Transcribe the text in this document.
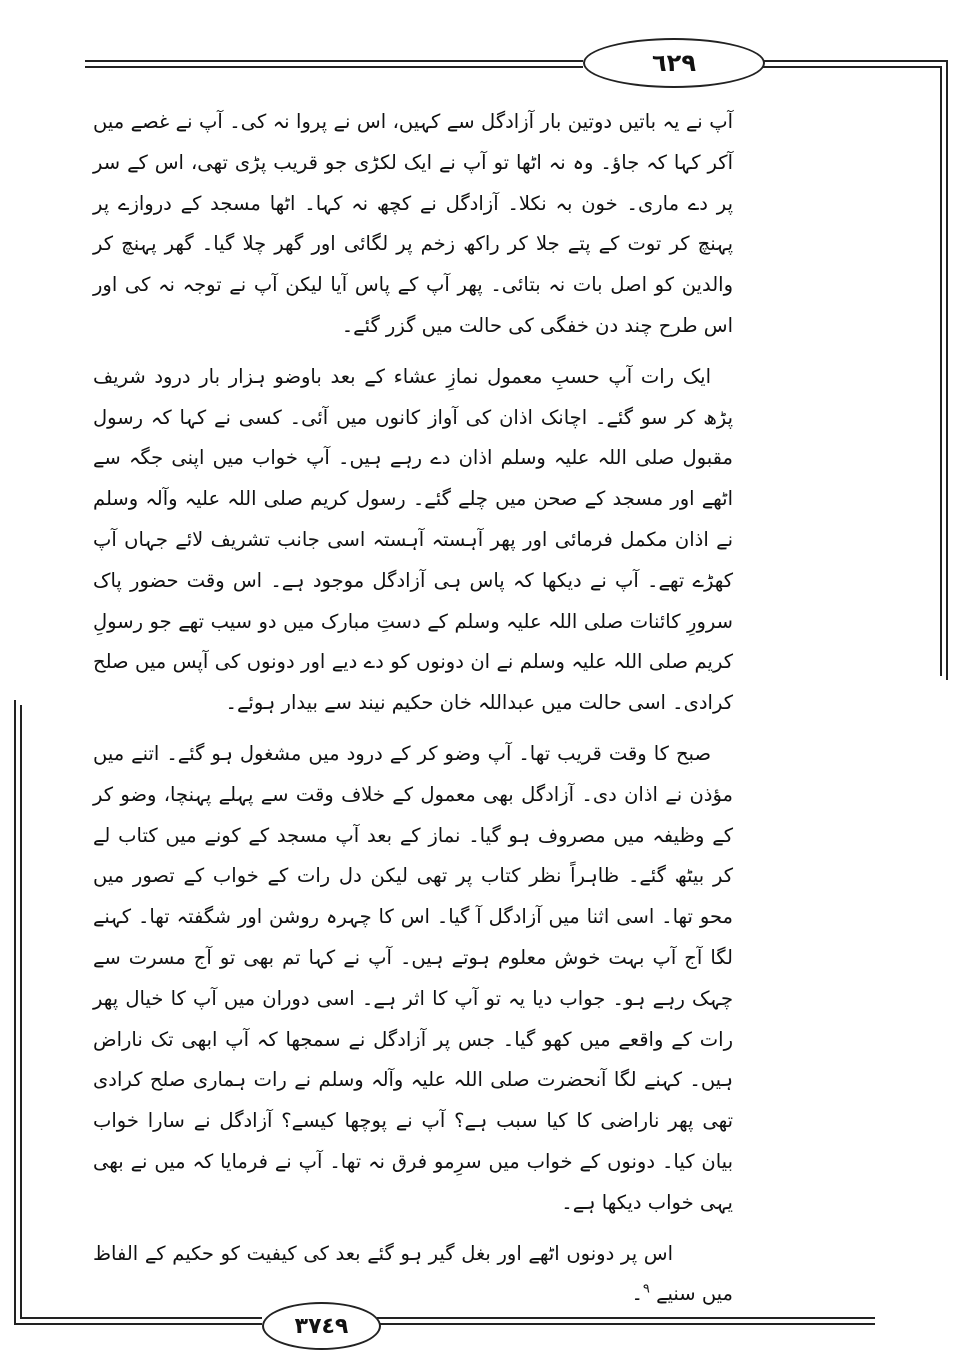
٦٢٩
٣٧٤٩

آپ نے یہ باتیں دوتین بار آزادگل سے کہیں، اس نے پروا نہ کی۔ آپ نے غصے میں آکر کہا کہ جاؤ۔ وہ نہ اٹھا تو آپ نے ایک لکڑی جو قریب پڑی تھی، اس کے سر پر دے ماری۔ خون بہ نکلا۔ آزادگل نے کچھ نہ کہا۔ اٹھا مسجد کے دروازے پر پہنچ کر توت کے پتے جلا کر راکھ زخم پر لگائی اور گھر چلا گیا۔ گھر پہنچ کر والدین کو اصل بات نہ بتائی۔ پھر آپ کے پاس آیا لیکن آپ نے توجہ نہ کی اور اس طرح چند دن خفگی کی حالت میں گزر گئے۔

ایک رات آپ حسبِ معمول نمازِ عشاء کے بعد باوضو ہزار بار درود شریف پڑھ کر سو گئے۔ اچانک اذان کی آواز کانوں میں آئی۔ کسی نے کہا کہ رسول مقبول صلی اللہ علیہ وسلم اذان دے رہے ہیں۔ آپ خواب میں اپنی جگہ سے اٹھے اور مسجد کے صحن میں چلے گئے۔ رسول کریم صلی اللہ علیہ وآلہ وسلم نے اذان مکمل فرمائی اور پھر آہستہ آہستہ اسی جانب تشریف لائے جہاں آپ کھڑے تھے۔ آپ نے دیکھا کہ پاس ہی آزادگل موجود ہے۔ اس وقت حضور پاک سرورِ کائنات صلی اللہ علیہ وسلم کے دستِ مبارک میں دو سیب تھے جو رسولِ کریم صلی اللہ علیہ وسلم نے ان دونوں کو دے دیے اور دونوں کی آپس میں صلح کرادی۔ اسی حالت میں عبداللہ خان حکیم نیند سے بیدار ہوئے۔

صبح کا وقت قریب تھا۔ آپ وضو کر کے درود میں مشغول ہو گئے۔ اتنے میں مؤذن نے اذان دی۔ آزادگل بھی معمول کے خلاف وقت سے پہلے پہنچا، وضو کر کے وظیفہ میں مصروف ہو گیا۔ نماز کے بعد آپ مسجد کے کونے میں کتاب لے کر بیٹھ گئے۔ ظاہراً نظر کتاب پر تھی لیکن دل رات کے خواب کے تصور میں محو تھا۔ اسی اثنا میں آزادگل آ گیا۔ اس کا چہرہ روشن اور شگفتہ تھا۔ کہنے لگا آج آپ بہت خوش معلوم ہوتے ہیں۔ آپ نے کہا تم بھی تو آج مسرت سے چہک رہے ہو۔ جواب دیا یہ تو آپ کا اثر ہے۔ اسی دوران میں آپ کا خیال پھر رات کے واقعے میں کھو گیا۔ جس پر آزادگل نے سمجھا کہ آپ ابھی تک ناراض ہیں۔ کہنے لگا آنحضرت صلی اللہ علیہ وآلہ وسلم نے رات ہماری صلح کرادی تھی پھر ناراضی کا کیا سبب ہے؟ آپ نے پوچھا کیسے؟ آزادگل نے سارا خواب بیان کیا۔ دونوں کے خواب میں سرِمو فرق نہ تھا۔ آپ نے فرمایا کہ میں نے بھی یہی خواب دیکھا ہے۔

اس پر دونوں اٹھے اور بغل گیر ہو گئے بعد کی کیفیت کو حکیم کے الفاظ میں سنیے $^۹$۔
